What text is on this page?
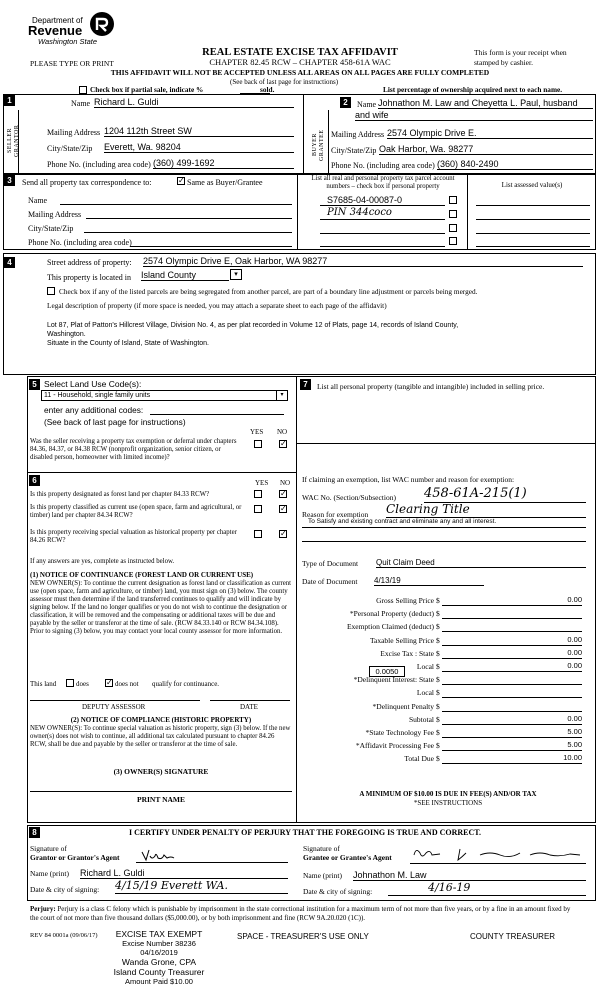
Department of
Revenue
Washington State
REAL ESTATE EXCISE TAX AFFIDAVIT
CHAPTER 82.45 RCW – CHAPTER 458-61A WAC
PLEASE TYPE OR PRINT
This form is your receipt when stamped by cashier.
THIS AFFIDAVIT WILL NOT BE ACCEPTED UNLESS ALL AREAS ON ALL PAGES ARE FULLY COMPLETED
(See back of last page for instructions)
Check box if partial sale, indicate %	sold.	List percentage of ownership acquired next to each name.
1
SELLER GRANTOR
Name Richard L. Guldi
Mailing Address 1204 112th Street SW
City/State/Zip Everett, Wa. 98204
Phone No. (including area code) (360) 499-1692
2
BUYER GRANTEE
Name Johnathon M. Law and Cheyetta L. Paul, husband
and wife
Mailing Address 2574 Olympic Drive E.
City/State/Zip Oak Harbor, Wa. 98277
Phone No. (including area code) (360) 840-2490
3	Send all property tax correspondence to:	✓ Same as Buyer/Grantee
Name
Mailing Address
City/State/Zip
Phone No. (including area code)
List all real and personal property tax parcel account numbers – check box if personal property	List assessed value(s)
S7685-04-00087-0
PIN 344coco
4	Street address of property: 2574 Olympic Drive E, Oak Harbor, WA 98277
This property is located in Island County	▾
Check box if any of the listed parcels are being segregated from another parcel, are part of a boundary line adjustment or parcels being merged.
Legal description of property (if more space is needed, you may attach a separate sheet to each page of the affidavit)
Lot 87, Plat of Patton's Hillcrest Village, Division No. 4, as per plat recorded in Volume 12 of Plats, page 14, records of Island County,
Washington.
Situate in the County of Island, State of Washington.
5 Select Land Use Code(s):
11 - Household, single family units	▾
enter any additional codes:
(See back of last page for instructions)
YES NO
Was the seller receiving a property tax exemption or deferral under chapters 84.36, 84.37, or 84.38 RCW (nonprofit organization, senior citizen, or disabled person, homeowner with limited income)?
✓
6	YES NO
Is this property designated as forest land per chapter 84.33 RCW?	✓
Is this property classified as current use (open space, farm and agricultural, or timber) land per chapter 84.34 RCW?
✓
Is this property receiving special valuation as historical property per chapter 84.26 RCW?
✓
If any answers are yes, complete as instructed below.
(1) NOTICE OF CONTINUANCE (FOREST LAND OR CURRENT USE)
NEW OWNER(S): To continue the current designation as forest land or classification as current use (open space, farm and agriculture, or timber) land, you must sign on (3) below. The county assessor must then determine if the land transferred continues to qualify and will indicate by signing below. If the land no longer qualifies or you do not wish to continue the designation or classification, it will be removed and the compensating or additional taxes will be due and payable by the seller or transferor at the time of sale. (RCW 84.33.140 or RCW 84.34.108). Prior to signing (3) below, you may contact your local county assessor for more information.
This land	does ✓ does not qualify for continuance.
DEPUTY ASSESSOR	DATE
(2) NOTICE OF COMPLIANCE (HISTORIC PROPERTY)
NEW OWNER(S): To continue special valuation as historic property, sign (3) below. If the new owner(s) does not wish to continue, all additional tax calculated pursuant to chapter 84.26 RCW, shall be due and payable by the seller or transferor at the time of sale.
(3) OWNER(S) SIGNATURE
PRINT NAME
7	List all personal property (tangible and intangible) included in selling price.
If claiming an exemption, list WAC number and reason for exemption:
WAC No. (Section/Subsection) 458-61A-215(1)
Reason for exemption Clearing Title
To Satisfy and existing contract and eliminate any and all interest.
Type of Document Quit Claim Deed
Date of Document 4/13/19
Gross Selling Price $	0.00
*Personal Property (deduct) $
Exemption Claimed (deduct) $
Taxable Selling Price $	0.00
Excise Tax : State $	0.00
Local $	0.00
*Delinquent Interest: State $
Local $
*Delinquent Penalty $
Subtotal $	0.00
*State Technology Fee $	5.00
*Affidavit Processing Fee $	5.00
Total Due $	10.00
0.0050
A MINIMUM OF $10.00 IS DUE IN FEE(S) AND/OR TAX
*SEE INSTRUCTIONS
8	I CERTIFY UNDER PENALTY OF PERJURY THAT THE FOREGOING IS TRUE AND CORRECT.
Signature of
Grantor or Grantor's Agent
Name (print) Richard L. Guldi
Date & city of signing: 4/15/19 Everett WA.
Signature of
Grantee or Grantee's Agent
Name (print) Johnathon M. Law
Date & city of signing:	4/16-19
Perjury: Perjury is a class C felony which is punishable by imprisonment in the state correctional institution for a maximum term of not more than five years, or by a fine in an amount fixed by the court of not more than five thousand dollars ($5,000.00), or by both imprisonment and fine (RCW 9A.20.020 (1C)).
REV 84 0001a (09/06/17)	EXCISE TAX EXEMPT
Excise Number 38236
04/16/2019
Wanda Grone, CPA
Island County Treasurer
Amount Paid $10.00
SPACE - TREASURER'S USE ONLY	COUNTY TREASURER
